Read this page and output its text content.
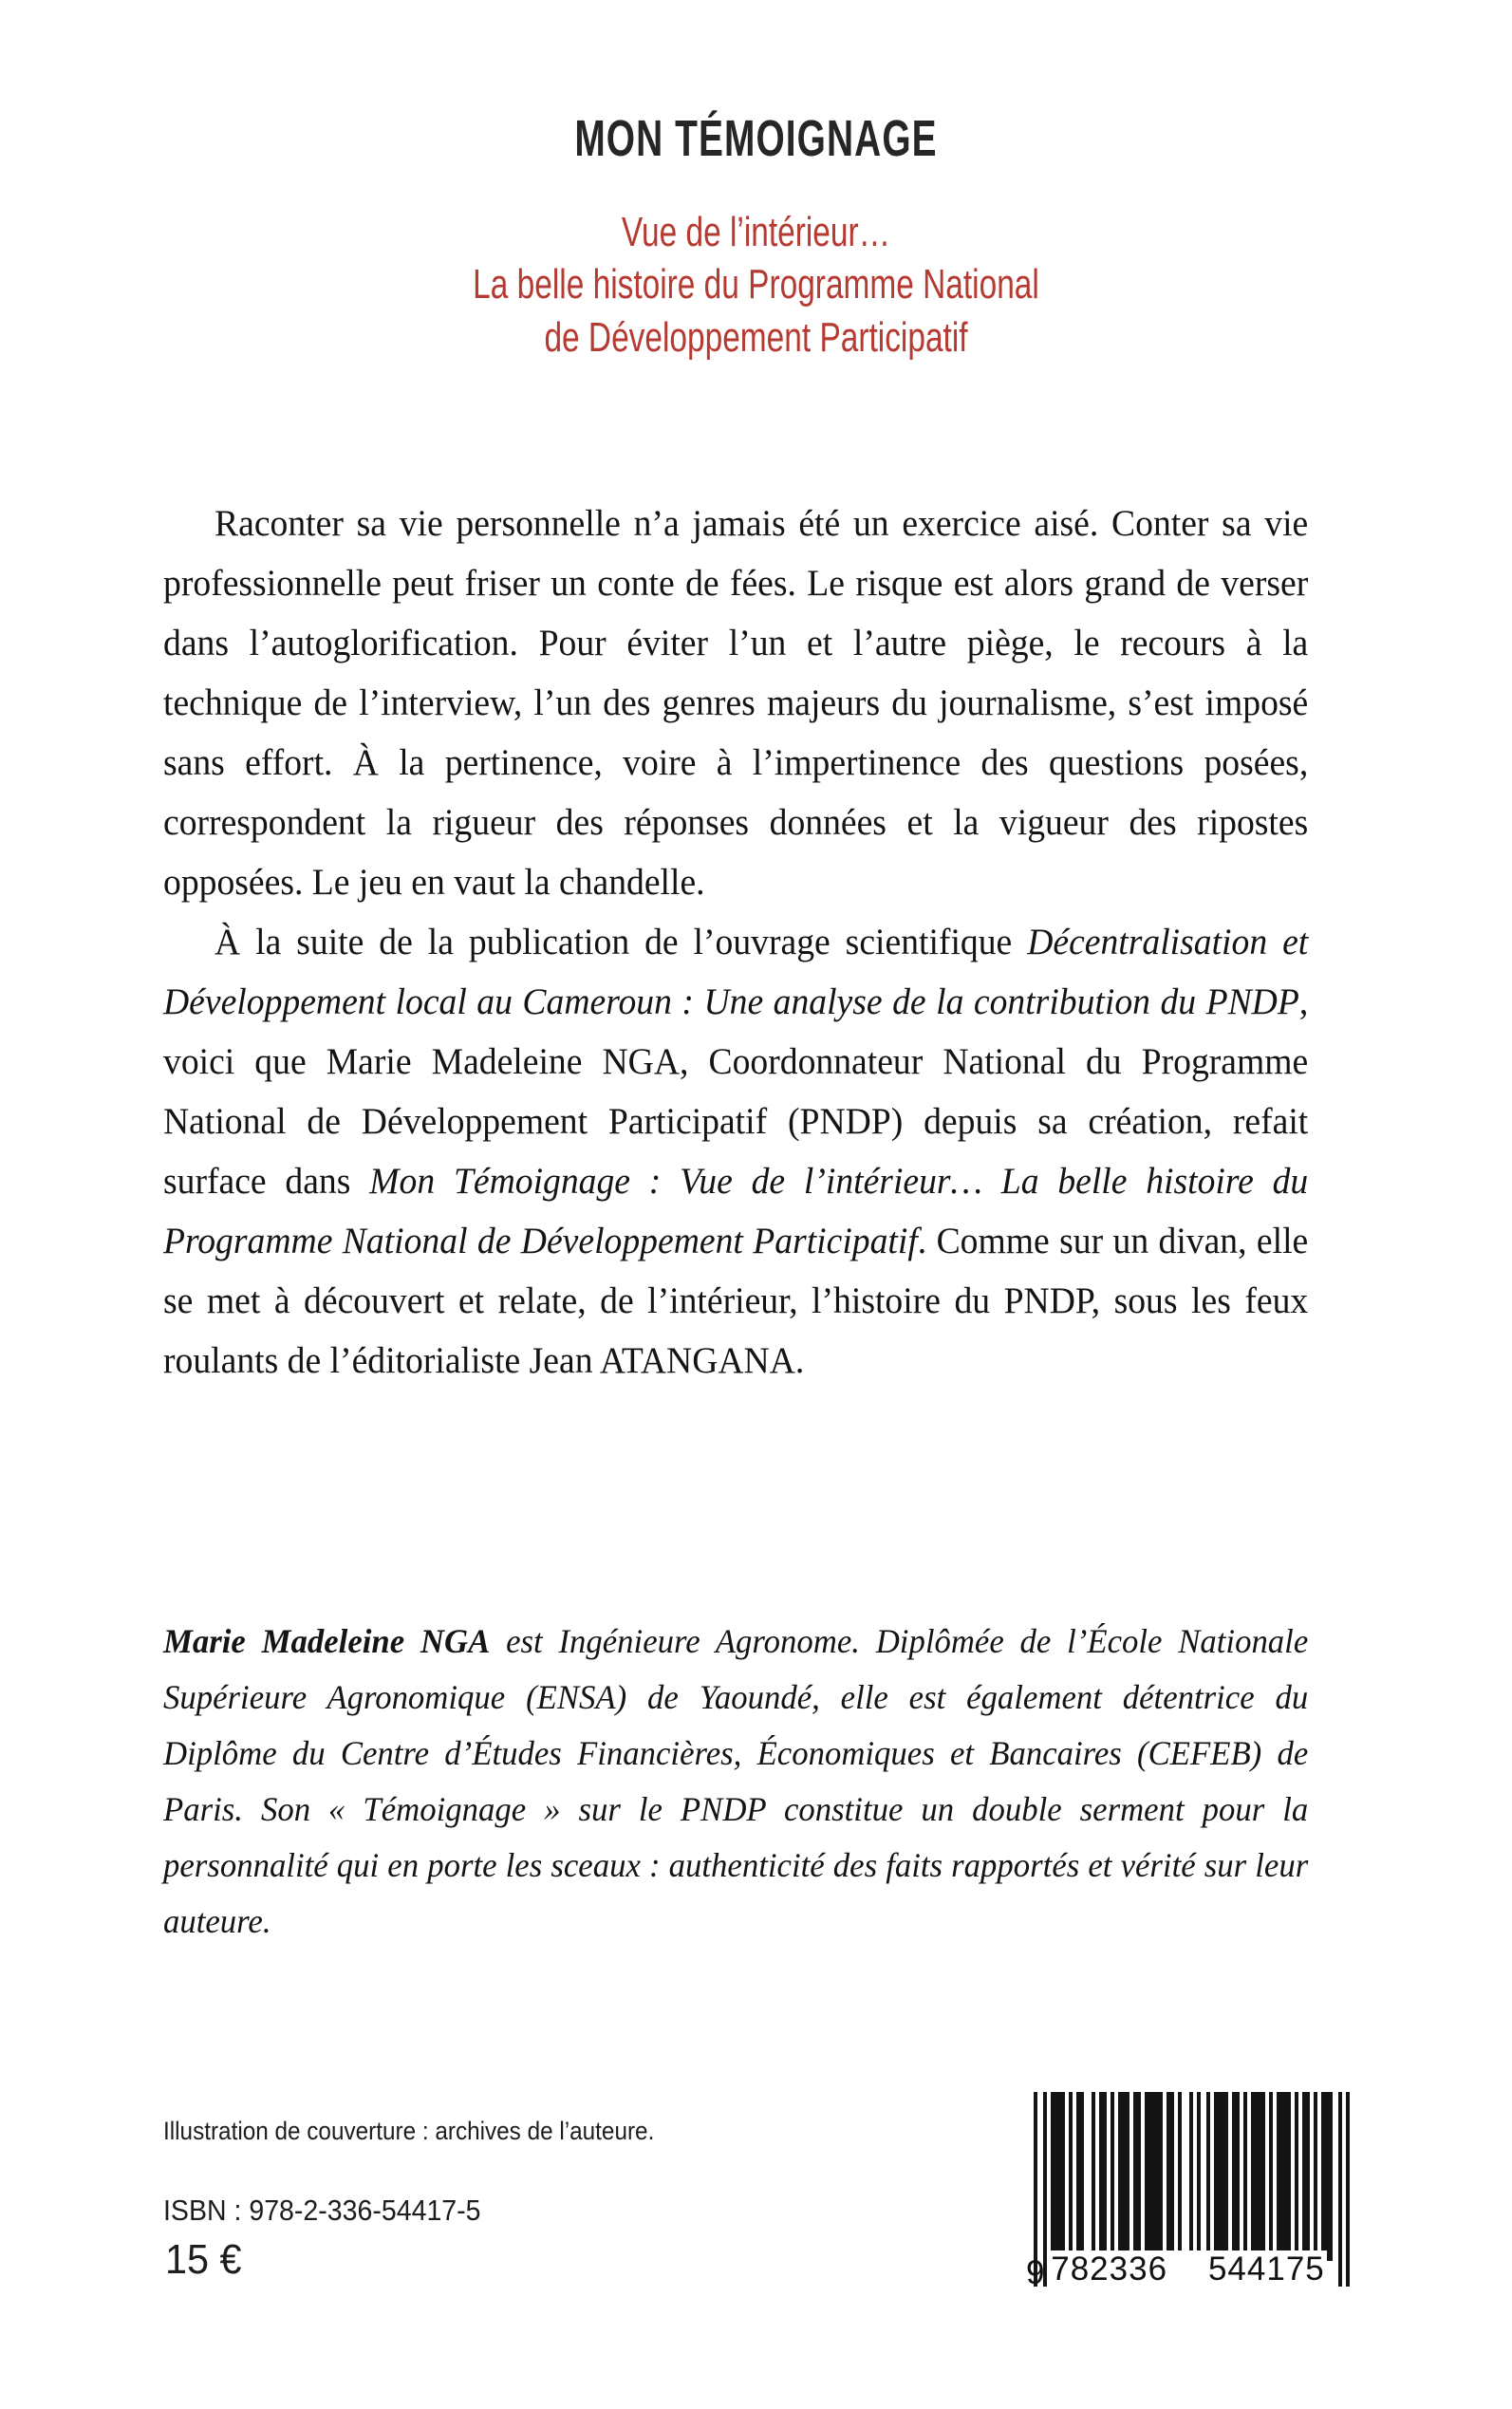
MON TÉMOIGNAGE
Vue de l’intérieur…
La belle histoire du Programme National
de Développement Participatif

Raconter sa vie personnelle n’a jamais été un exercice aisé. Conter sa vie professionnelle peut friser un conte de fées. Le risque est alors grand de verser dans l’autoglorification. Pour éviter l’un et l’autre piège, le recours à la technique de l’interview, l’un des genres majeurs du journalisme, s’est imposé sans effort. À la pertinence, voire à l’impertinence des questions posées, correspondent la rigueur des réponses données et la vigueur des ripostes opposées. Le jeu en vaut la chandelle.

À la suite de la publication de l’ouvrage scientifique Décentralisation et Développement local au Cameroun : Une analyse de la contribution du PNDP, voici que Marie Madeleine NGA, Coordonnateur National du Programme National de Développement Participatif (PNDP) depuis sa création, refait surface dans Mon Témoignage : Vue de l’intérieur… La belle histoire du Programme National de Développement Participatif. Comme sur un divan, elle se met à découvert et relate, de l’intérieur, l’histoire du PNDP, sous les feux roulants de l’éditorialiste Jean ATANGANA.

Marie Madeleine NGA est Ingénieure Agronome. Diplômée de l’École Nationale Supérieure Agronomique (ENSA) de Yaoundé, elle est également détentrice du Diplôme du Centre d’Études Financières, Économiques et Bancaires (CEFEB) de Paris. Son « Témoignage » sur le PNDP constitue un double serment pour la personnalité qui en porte les sceaux : authenticité des faits rapportés et vérité sur leur auteure.
Illustration de couverture : archives de l’auteure.
ISBN : 978-2-336-54417-5
15 €	9 782336 544175
